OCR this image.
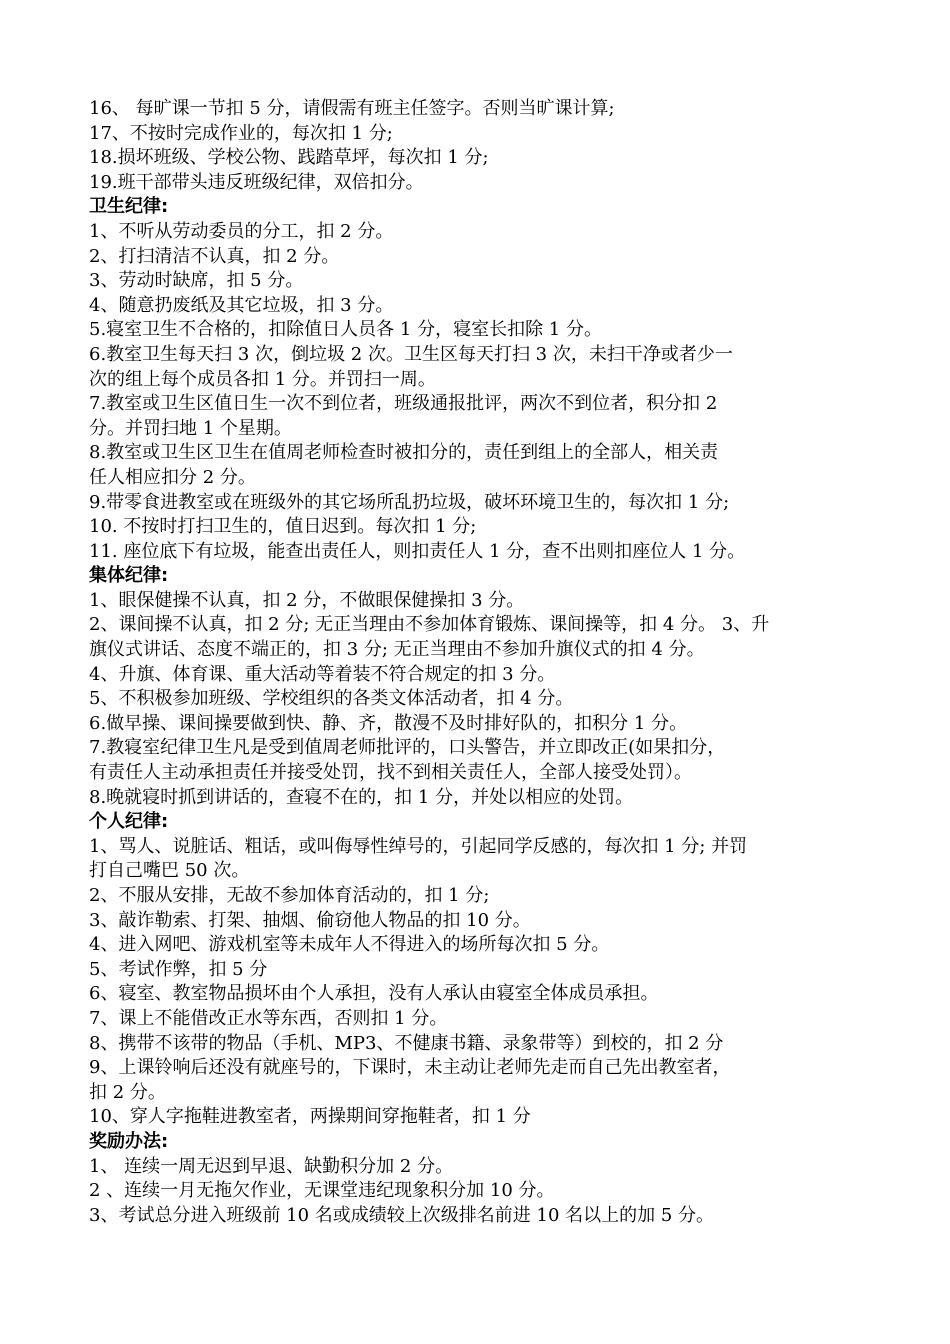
16、 每旷课一节扣 5 分，请假需有班主任签字。否则当旷课计算;
17、不按时完成作业的，每次扣 1 分;
18.损坏班级、学校公物、践踏草坪，每次扣 1 分;
19.班干部带头违反班级纪律，双倍扣分。
卫生纪律:
1、不听从劳动委员的分工，扣 2 分。
2、打扫清洁不认真，扣 2 分。
3、劳动时缺席，扣 5 分。
4、随意扔废纸及其它垃圾，扣 3 分。
5.寝室卫生不合格的，扣除值日人员各 1 分，寝室长扣除 1 分。
6.教室卫生每天扫 3 次，倒垃圾 2 次。卫生区每天打扫 3 次，未扫干净或者少一
次的组上每个成员各扣 1 分。并罚扫一周。
7.教室或卫生区值日生一次不到位者，班级通报批评，两次不到位者，积分扣 2
分。并罚扫地 1 个星期。
8.教室或卫生区卫生在值周老师检查时被扣分的，责任到组上的全部人，相关责
任人相应扣分 2 分。
9.带零食进教室或在班级外的其它场所乱扔垃圾，破坏环境卫生的，每次扣 1 分;
10. 不按时打扫卫生的，值日迟到。每次扣 1 分;
11. 座位底下有垃圾，能查出责任人，则扣责任人 1 分，查不出则扣座位人 1 分。
集体纪律:
1、眼保健操不认真，扣 2 分，不做眼保健操扣 3 分。
2、课间操不认真，扣 2 分; 无正当理由不参加体育锻炼、课间操等，扣 4 分。 3、升
旗仪式讲话、态度不端正的，扣 3 分; 无正当理由不参加升旗仪式的扣 4 分。
4、升旗、体育课、重大活动等着装不符合规定的扣 3 分。
5、不积极参加班级、学校组织的各类文体活动者，扣 4 分。
6.做早操、课间操要做到快、静、齐，散漫不及时排好队的，扣积分 1 分。
7.教寝室纪律卫生凡是受到值周老师批评的，口头警告，并立即改正(如果扣分，
有责任人主动承担责任并接受处罚，找不到相关责任人，全部人接受处罚）。
8.晚就寝时抓到讲话的，查寝不在的，扣 1 分，并处以相应的处罚。
个人纪律:
1、骂人、说脏话、粗话，或叫侮辱性绰号的，引起同学反感的，每次扣 1 分; 并罚
打自己嘴巴 50 次。
2、不服从安排，无故不参加体育活动的，扣 1 分;
3、敲诈勒索、打架、抽烟、偷窃他人物品的扣 10 分。
4、进入网吧、游戏机室等未成年人不得进入的场所每次扣 5 分。
5、考试作弊，扣 5 分
6、寝室、教室物品损坏由个人承担，没有人承认由寝室全体成员承担。
7、课上不能借改正水等东西，否则扣 1 分。
8、携带不该带的物品（手机、MP3、不健康书籍、录象带等）到校的，扣 2 分
9、上课铃响后还没有就座号的，下课时，未主动让老师先走而自己先出教室者，
扣 2 分。
10、穿人字拖鞋进教室者，两操期间穿拖鞋者，扣 1 分
奖励办法:
1、 连续一周无迟到早退、缺勤积分加 2 分。
2 、连续一月无拖欠作业，无课堂违纪现象积分加 10 分。
3、考试总分进入班级前 10 名或成绩较上次级排名前进 10 名以上的加 5 分。
